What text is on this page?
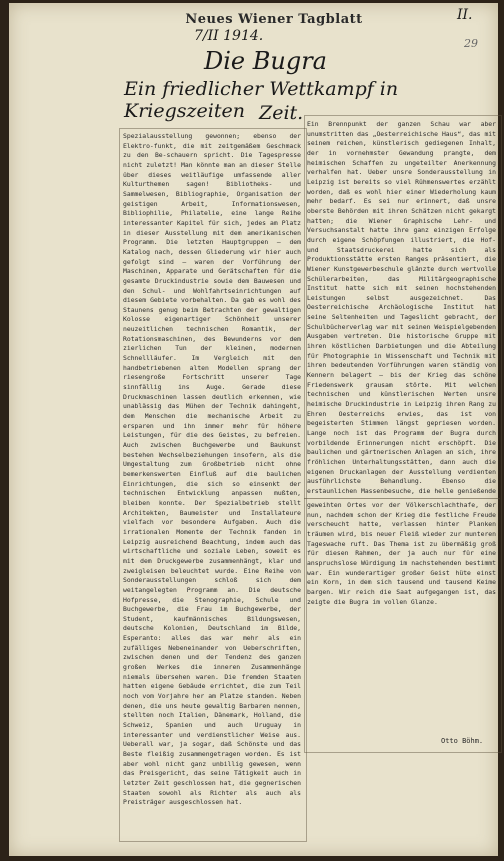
Neues Wiener Tagblatt
7/II 1914.
II.
29
Die Bugra
Ein friedlicher Wettkampf in Kriegszeiten Zeit.
Spezialausstellung gewonnen; ebenso der Elektro-funkt, die mit zeitgemäßem Geschmack zu den Be-schauern spricht. Die Tagespresse nicht zuletzt! Man könnte man an dieser Stelle über dieses weitläufige umfassende aller Kulturthemen sagen! Bibliotheks- und Sammelwesen, Bibliographie, Organisation der geistigen Arbeit, Informationswesen, Bibliophilie, Philatelie, eine lange Reihe interessanter Kapitel für sich, jedes am Platz in dieser Ausstellung mit dem amerikanischen Programm. Die letzten Hauptgruppen — dem Katalog nach, dessen Gliederung wir hier auch gefolgt sind — waren der Vorführung der Maschinen, Apparate und Gerätschaften für die gesamte Druckindustrie sowie dem Bauwesen und den Schul- und Wohlfahrtseinrichtungen auf diesem Gebiete vorbehalten. Da gab es wohl des Staunens genug beim Betrachten der gewaltigen Kolosse eigenartiger Schönheit unserer neuzeitlichen technischen Romantik, der Rotationsmaschinen, des Bewunderns vor dem zierlichen Tun der kleinen, modernen Schnellläufer. Im Vergleich mit den handbetriebenen alten Modellen sprang der riesengroße Fortschritt unserer Tage sinnfällig ins Auge. Gerade diese Druckmaschinen lassen deutlich erkennen, wie unablässig das Mühen der Technik dahingeht, dem Menschen die mechanische Arbeit zu ersparen und ihn immer mehr für höhere Leistungen, für die des Geistes, zu befreien. Auch zwischen Buchgewerbe und Baukunst bestehen Wechselbeziehungen insofern, als die Umgestaltung zum Großbetrieb nicht ohne bemerkenswerten Einfluß auf die baulichen Einrichtungen, die sich so einsenkt der technischen Entwicklung anpassen mußten, bleiben konnte. Der Spezialbetrieb stellt Architekten, Baumeister und Installateure vielfach vor besondere Aufgaben. Auch die irrationalen Momente der Technik fanden in Leipzig ausreichend Beachtung, indem auch das wirtschaftliche und soziale Leben, soweit es mit dem Druckgewerbe zusammenhängt, klar und zweigleisen beleuchtet wurde. Eine Reihe von Sonderausstellungen schloß sich dem weitangelegten Programm an. Die deutsche Hofpresse, die Stenographie, Schule und Buchgewerbe, die Frau im Buchgewerbe, der Student, kaufmännisches Bildungswesen, deutsche Kolonien, Deutschland im Bilde, Esperanto: alles das war mehr als ein zufälliges Nebeneinander von Ueberschriften, zwischen denen und der Tendenz des ganzen großen Werkes die inneren Zusammenhänge niemals übersehen waren. Die fremden Staaten hatten eigene Gebäude errichtet, die zum Teil noch vom Vorjahre her am Platze standen. Neben denen, die uns heute gewaltig Barbaren nennen, stellten noch Italien, Dänemark, Holland, die Schweiz, Spanien und auch Uruguay in interessanter und verdienstlicher Weise aus. Ueberall war, ja sogar, daß Schönste und das Beste fleißig zusammengetragen worden. Es ist aber wohl nicht ganz unbillig gewesen, wenn das Preisgericht, das seine Tätigkeit auch in letzter Zeit geschlossen hat, die gegnerischen Staaten sowohl als Richter als auch als Preisträger ausgeschlossen hat.
Ein Brennpunkt der ganzen Schau war aber unumstritten das „Oesterreichische Haus“, das mit seinem reichen, künstlerisch gediegenen Inhalt, der in vornehmster Gewandung prangte, dem heimischen Schaffen zu ungeteilter Anerkennung verhalfen hat. Ueber unsre Sonderausstellung in Leipzig ist bereits so viel Rühmenswertes erzählt worden, daß es wohl hier einer Wiederholung kaum mehr bedarf. Es sei nur erinnert, daß unsre oberste Behörden mit ihren Schätzen nicht gekargt hatten; die Wiener Graphische Lehr- und Versuchsanstalt hatte ihre ganz einzigen Erfolge durch eigene Schöpfungen illustriert, die Hof- und Staatsdruckerei hatte sich als Produktionsstätte ersten Ranges präsentiert, die Wiener Kunstgewerbeschule glänzte durch wertvolle Schülerarbeiten, das Militärgeographische Institut hatte sich mit seinen hochstehenden Leistungen selbst ausgezeichnet. Das Oesterreichische Archäologische Institut hat seine Seltenheiten und Tageslicht gebracht, der Schulbücherverlag war mit seinen Weispielgebenden Ausgaben vertreten. Die historische Gruppe mit ihren köstlichen Darbietungen und die Abteilung für Photographie in Wissenschaft und Technik mit ihren bedeutenden Vorführungen waren ständig von Kennern belagert — bis der Krieg das schöne Friedenswerk grausam störte. Mit welchen technischen und künstlerischen Werten unsre heimische Druckindustrie in Leipzig ihren Rang zu Ehren Oesterreichs erwies, das ist von begeisterten Stimmen längst gepriesen worden. Lange noch ist das Programm der Bugra durch vorbildende Erinnerungen nicht erschöpft. Die baulichen und gärtnerischen Anlagen an sich, ihre fröhlichen Unterhaltungsstätten, dann auch die eigenen Druckanlagen der Ausstellung verdienten ausführlichste Behandlung. Ebenso die erstaunlichen Massenbesuche, die helle genießende
geweihten Ortes vor der Völkerschlachthafe, der nun, nachdem schon der Krieg die festliche Freude verscheucht hatte, verlassen hinter Planken träumen wird, bis neuer Fleiß wieder zur munteren Tageswache ruft. Das Thema ist zu übermäßig groß für diesen Rahmen, der ja auch nur für eine anspruchslose Würdigung im nachstehenden bestimmt war. Ein wunderartiger großer Geist hüte einst ein Korn, in dem sich tausend und tausend Keime bargen. Wir reich die Saat aufgegangen ist, das zeigte die Bugra im vollen Glanze.
Otto Böhm.
